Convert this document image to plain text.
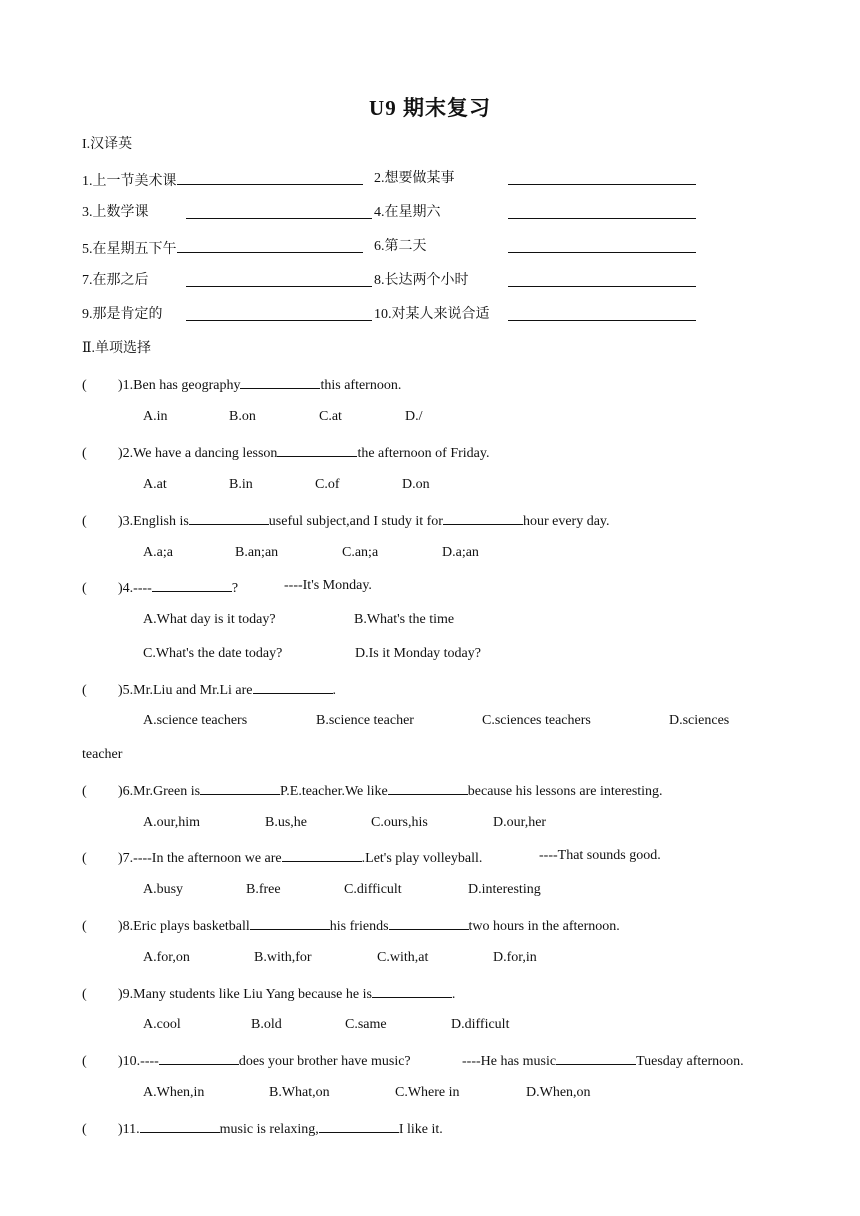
U9 期末复习
I.汉译英
1.上一节美术课	2.想要做某事
3.上数学课	4.在星期六
5.在星期五下午	6.第二天
7.在那之后	8.长达两个小时
9.那是肯定的	10.对某人来说合适
Ⅱ.单项选择
( )1.Ben has geography	this afternoon.
A.in	B.on	C.at	D./
( )2.We have a dancing lesson	the afternoon of Friday.
A.at	B.in	C.of	D.on
( )3.English is	useful subject,and I study it for	hour every day.
A.a;a	B.an;an	C.an;a	D.a;an
( )4.----	?	----It's Monday.
A.What day is it today?	B.What's the time
C.What's the date today?	D.Is it Monday today?
( )5.Mr.Liu and Mr.Li are	.
A.science teachers	B.science teacher	C.sciences teachers	D.sciences
teacher
( )6.Mr.Green is	P.E.teacher.We like	because his lessons are interesting.
A.our,him	B.us,he	C.ours,his	D.our,her
( )7.----In the afternoon we are	.Let's play volleyball.	----That sounds good.
A.busy	B.free	C.difficult	D.interesting
( )8.Eric plays basketball	his friends	two hours in the afternoon.
A.for,on	B.with,for	C.with,at	D.for,in
( )9.Many students like Liu Yang because he is	.
A.cool	B.old	C.same	D.difficult
( )10.----	does your brother have music?	----He has music	Tuesday afternoon.
A.When,in	B.What,on	C.Where in	D.When,on
( )11.	music is relaxing,	I like it.
